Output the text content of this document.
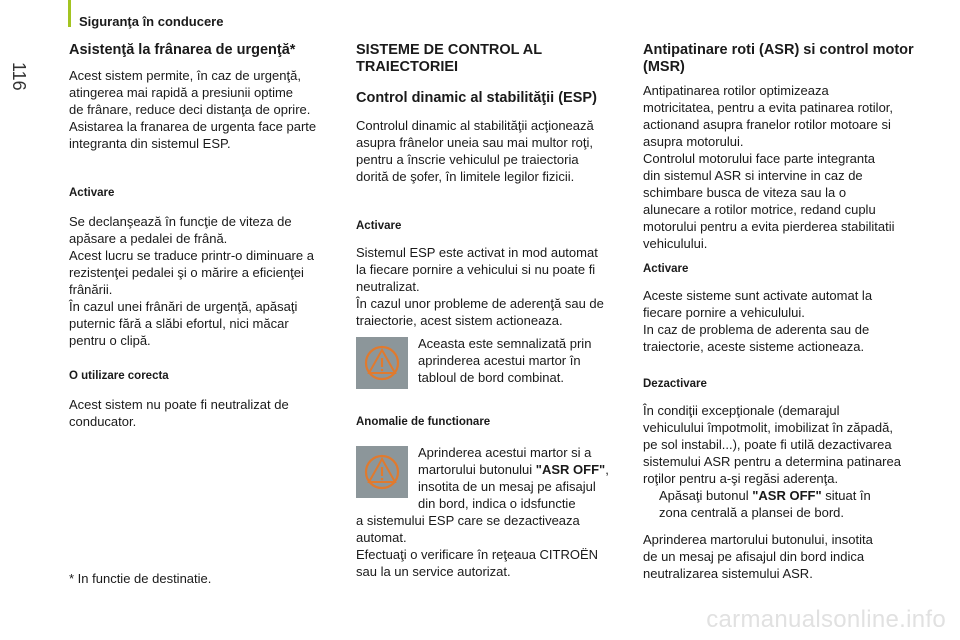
Siguranţa în conducere
116
Asistenţă la frânarea de urgenţă*

Acest sistem permite, în caz de urgenţă,
atingerea mai rapidă a presiunii optime
de frânare, reduce deci distanţa de oprire.
Asistarea la franarea de urgenta face parte
integranta din sistemul ESP.

Activare

Se declanşează în funcţie de viteza de
apăsare a pedalei de frână.
Acest lucru se traduce printr-o diminuare a
rezistenţei pedalei şi o mărire a eficienţei
frânării.
În cazul unei frânări de urgenţă, apăsaţi
puternic fără a slăbi efortul, nici măcar
pentru o clipă.

O utilizare corecta

Acest sistem nu poate fi neutralizat de
conducator.

* In functie de destinatie.
SISTEME DE CONTROL AL TRAIECTORIEI
Control dinamic al stabilităţii (ESP)

Controlul dinamic al stabilităţii acţionează
asupra frânelor uneia sau mai multor roţi,
pentru a înscrie vehiculul pe traiectoria
dorită de şofer, în limitele legilor fizicii.

Activare

Sistemul ESP este activat in mod automat
la fiecare pornire a vehicului si nu poate fi
neutralizat.
În cazul unor probleme de aderenţă sau de
traiectorie, acest sistem actioneaza.

Aceasta este semnalizată prin
aprinderea acestui martor în
tabloul de bord combinat.

Anomalie de functionare

Aprinderea acestui martor si a
martorului butonului "ASR OFF",
insotita de un mesaj pe afisajul
din bord, indica o idsfunctie

a sistemului ESP care se dezactiveaza
automat.
Efectuaţi o verificare în reţeaua CITROËN
sau la un service autorizat.

Antipatinare roti (ASR) si control motor (MSR)

Antipatinarea rotilor optimizeaza
motricitatea, pentru a evita patinarea rotilor,
actionand asupra franelor rotilor motoare si
asupra motorului.
Controlul motorului face parte integranta
din sistemul ASR si intervine in caz de
schimbare busca de viteza sau la o
alunecare a rotilor motrice, redand cuplu
motorului pentru a evita pierderea stabilitatii
vehiculului.

Activare

Aceste sisteme sunt activate automat la
fiecare pornire a vehiculului.
In caz de problema de aderenta sau de
traiectorie, aceste sisteme actioneaza.

Dezactivare

În condiţii excepţionale (demarajul
vehiculului împotmolit, imobilizat în zăpadă,
pe sol instabil...), poate fi utilă dezactivarea
sistemului ASR pentru a determina patinarea
roţilor pentru a-şi regăsi aderenţa.

Apăsaţi butonul "ASR OFF" situat în
zona centrală a plansei de bord.

Aprinderea martorului butonului, insotita
de un mesaj pe afisajul din bord indica
neutralizarea sistemului ASR.

carmanualsonline.info
